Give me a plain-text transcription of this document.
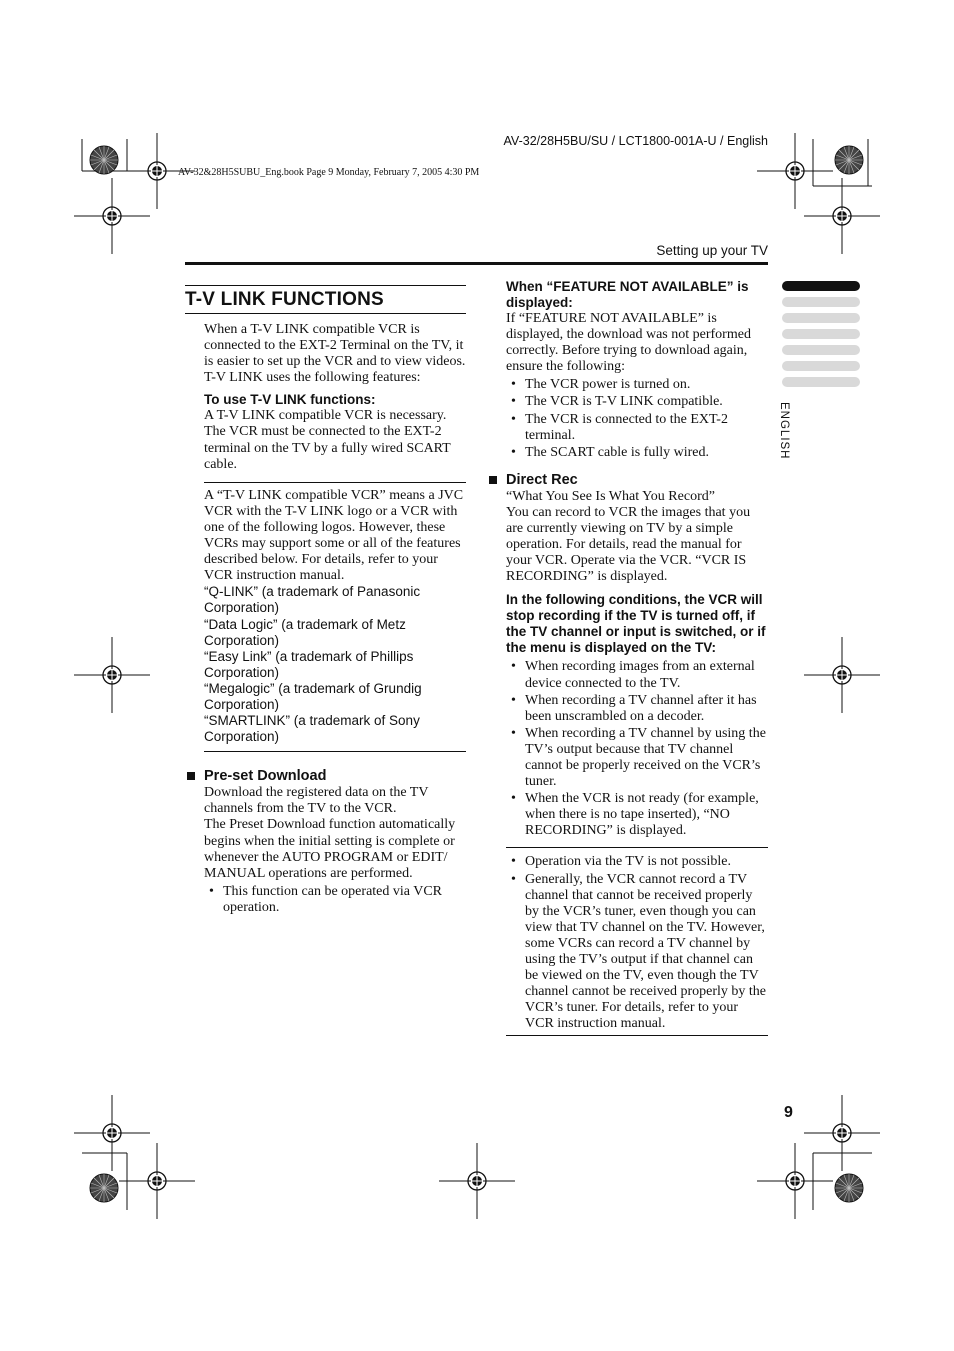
AV-32/28H5BU/SU / LCT1800-001A-U / English
AV-32&28H5SUBU_Eng.book Page 9 Monday, February 7, 2005 4:30 PM
Setting up your TV
ENGLISH
T-V LINK FUNCTIONS

When a T-V LINK compatible VCR is connected to the EXT-2 Terminal on the TV, it is easier to set up the VCR and to view videos. T-V LINK uses the following features:

To use T-V LINK functions:

A T-V LINK compatible VCR is necessary. The VCR must be connected to the EXT-2 terminal on the TV by a fully wired SCART cable.

A “T-V LINK compatible VCR” means a JVC VCR with the T-V LINK logo or a VCR with one of the following logos. However, these VCRs may support some or all of the features described below. For details, refer to your VCR instruction manual.

“Q-LINK” (a trademark of Panasonic Corporation)

“Data Logic” (a trademark of Metz Corporation)

“Easy Link” (a trademark of Phillips Corporation)

“Megalogic” (a trademark of Grundig Corporation)

“SMARTLINK” (a trademark of Sony Corporation)

Pre-set Download

Download the registered data on the TV channels from the TV to the VCR.
The Preset Download function automatically begins when the initial setting is complete or whenever the AUTO PROGRAM or EDIT/ MANUAL operations are performed.

• This function can be operated via VCR operation.

When “FEATURE NOT AVAILABLE” is displayed:

If “FEATURE NOT AVAILABLE” is displayed, the download was not performed correctly. Before trying to download again, ensure the following:

• The VCR power is turned on.
• The VCR is T-V LINK compatible.
• The VCR is connected to the EXT-2 terminal.
• The SCART cable is fully wired.

Direct Rec

“What You See Is What You Record”

You can record to VCR the images that you are currently viewing on TV by a simple operation. For details, read the manual for your VCR. Operate via the VCR. “VCR IS RECORDING” is displayed.

In the following conditions, the VCR will stop recording if the TV is turned off, if the TV channel or input is switched, or if the menu is displayed on the TV:

• When recording images from an external device connected to the TV.
• When recording a TV channel after it has been unscrambled on a decoder.
• When recording a TV channel by using the TV’s output because that TV channel cannot be properly received on the VCR’s tuner.
• When the VCR is not ready (for example, when there is no tape inserted), “NO RECORDING” is displayed.
• Operation via the TV is not possible.
• Generally, the VCR cannot record a TV channel that cannot be received properly by the VCR’s tuner, even though you can view that TV channel on the TV. However, some VCRs can record a TV channel by using the TV’s output if that channel can be viewed on the TV, even though the TV channel cannot be received properly by the VCR’s tuner. For details, refer to your VCR instruction manual.
9
